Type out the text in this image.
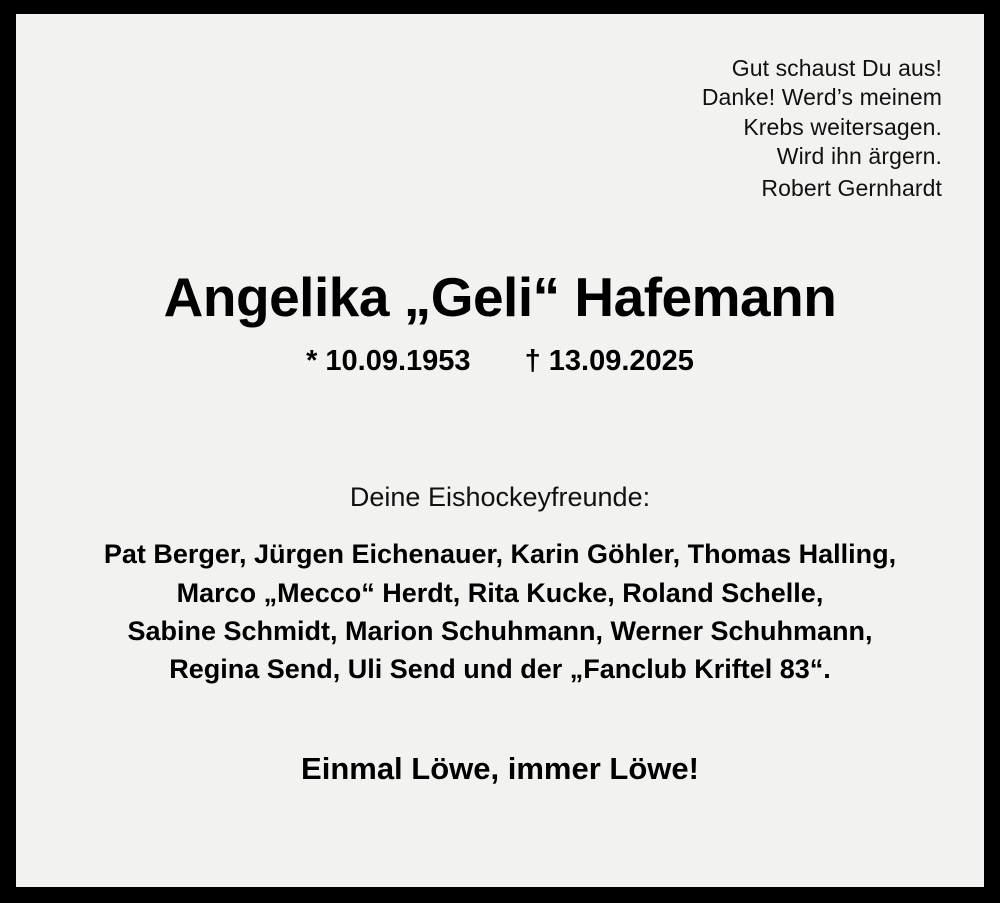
Gut schaust Du aus!
Danke! Werd’s meinem
Krebs weitersagen.
Wird ihn ärgern.
Robert Gernhardt
Angelika „Geli“ Hafemann
* 10.09.1953 † 13.09.2025
Deine Eishockeyfreunde:
Pat Berger, Jürgen Eichenauer, Karin Göhler, Thomas Halling,
Marco „Mecco“ Herdt, Rita Kucke, Roland Schelle,
Sabine Schmidt, Marion Schuhmann, Werner Schuhmann,
Regina Send, Uli Send und der „Fanclub Kriftel 83“.
Einmal Löwe, immer Löwe!
